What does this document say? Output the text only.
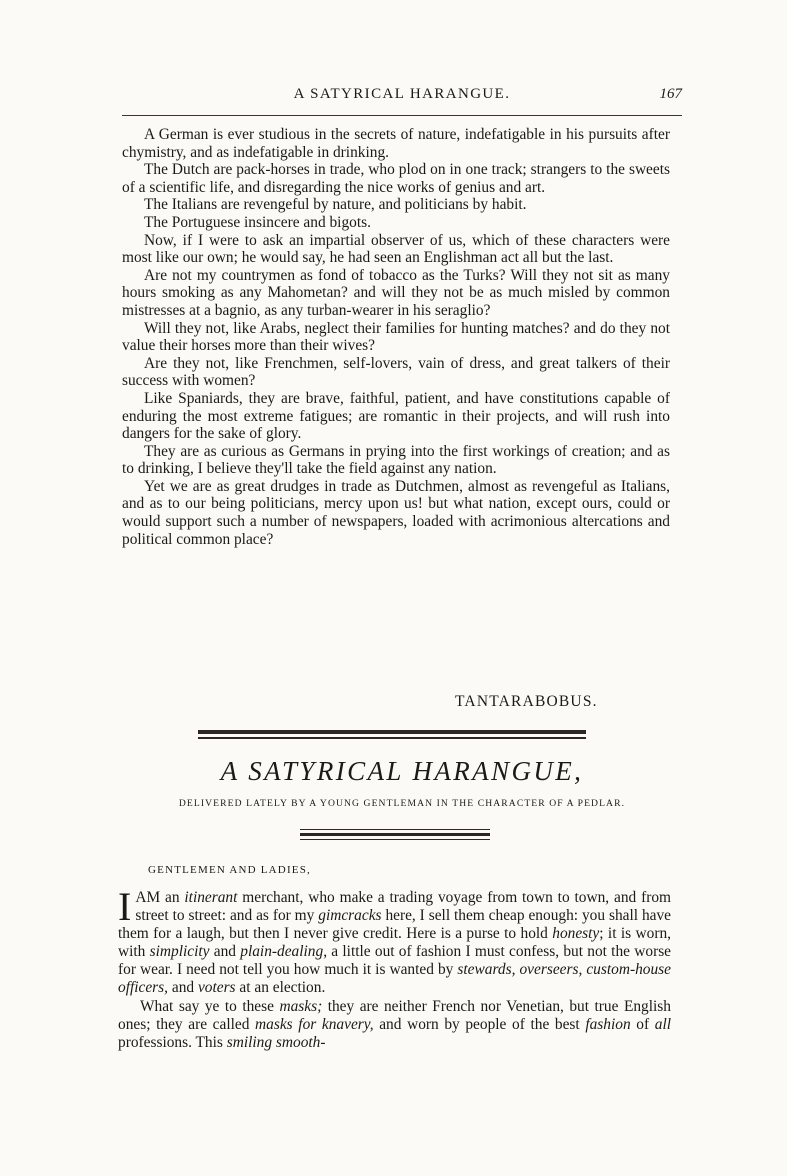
A SATYRICAL HARANGUE.	167

A German is ever studious in the secrets of nature, indefatigable in his pursuits after chymistry, and as indefatigable in drinking.

The Dutch are pack-horses in trade, who plod on in one track; strangers to the sweets of a scientific life, and disregarding the nice works of genius and art.

The Italians are revengeful by nature, and politicians by habit.

The Portuguese insincere and bigots.

Now, if I were to ask an impartial observer of us, which of these characters were most like our own; he would say, he had seen an Englishman act all but the last.

Are not my countrymen as fond of tobacco as the Turks? Will they not sit as many hours smoking as any Mahometan? and will they not be as much misled by common mistresses at a bagnio, as any turban-wearer in his seraglio?

Will they not, like Arabs, neglect their families for hunting matches? and do they not value their horses more than their wives?

Are they not, like Frenchmen, self-lovers, vain of dress, and great talkers of their success with women?

Like Spaniards, they are brave, faithful, patient, and have constitutions capable of enduring the most extreme fatigues; are romantic in their projects, and will rush into dangers for the sake of glory.

They are as curious as Germans in prying into the first workings of creation; and as to drinking, I believe they'll take the field against any nation.

Yet we are as great drudges in trade as Dutchmen, almost as revengeful as Italians, and as to our being politicians, mercy upon us! but what nation, except ours, could or would support such a number of newspapers, loaded with acrimonious altercations and political common place?

TANTARABOBUS.
A SATYRICAL HARANGUE,
DELIVERED LATELY BY A YOUNG GENTLEMAN IN THE CHARACTER OF A PEDLAR.
GENTLEMEN AND LADIES,

I AM an itinerant merchant, who make a trading voyage from town to town, and from street to street: and as for my gimcracks here, I sell them cheap enough: you shall have them for a laugh, but then I never give credit. Here is a purse to hold honesty; it is worn, with simplicity and plain-dealing, a little out of fashion I must confess, but not the worse for wear. I need not tell you how much it is wanted by stewards, overseers, custom-house officers, and voters at an election.

What say ye to these masks; they are neither French nor Venetian, but true English ones; they are called masks for knavery, and worn by people of the best fashion of all professions. This smiling smooth-
